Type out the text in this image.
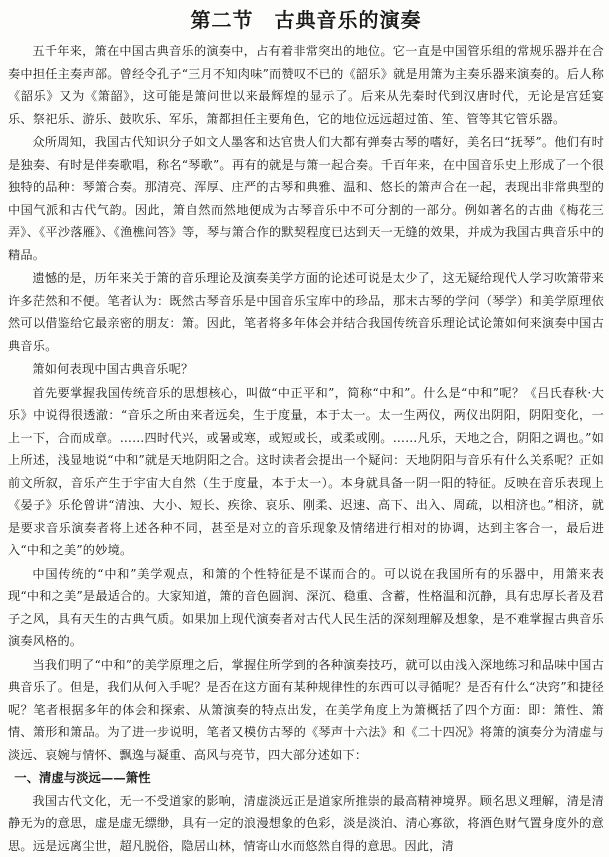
第二节　古典音乐的演奏

五千年来，箫在中国古典音乐的演奏中，占有着非常突出的地位。它一直是中国管乐组的常规乐器并在合奏中担任主奏声部。曾经令孔子“三月不知肉味”而赞叹不已的《韶乐》就是用箫为主奏乐器来演奏的。后人称《韶乐》又为《箫韶》，这可能是箫问世以来最辉煌的显示了。后来从先秦时代到汉唐时代，无论是宫廷宴乐、祭祀乐、游乐、鼓吹乐、军乐，箫都担任主要角色，它的地位远远超过笛、笙、管等其它管乐器。

众所周知，我国古代知识分子如文人墨客和达官贵人们大都有弹奏古琴的嗜好，美名曰“抚琴”。他们有时是独奏、有时是伴奏歌唱，称名“琴歌”。再有的就是与箫一起合奏。千百年来，在中国音乐史上形成了一个很独特的品种：琴箫合奏。那清亮、浑厚、庄严的古琴和典雅、温和、悠长的箫声合在一起，表现出非常典型的中国气派和古代气韵。因此，箫自然而然地便成为古琴音乐中不可分割的一部分。例如著名的古曲《梅花三弄》、《平沙落雁》、《渔樵问答》等，琴与箫合作的默契程度已达到天一无缝的效果，并成为我国古典音乐中的精品。

遗憾的是，历年来关于箫的音乐理论及演奏美学方面的论述可说是太少了，这无疑给现代人学习吹箫带来许多茫然和不便。笔者认为：既然古琴音乐是中国音乐宝库中的珍品，那末古琴的学问（琴学）和美学原理依然可以借鉴给它最亲密的朋友：箫。因此，笔者将多年体会并结合我国传统音乐理论试论箫如何来演奏中国古典音乐。

箫如何表现中国古典音乐呢？

首先要掌握我国传统音乐的思想核心，叫做“中正平和”，简称“中和”。什么是“中和”呢？《吕氏春秋·大乐》中说得很透澈：“音乐之所由来者远矣，生于度量，本于太一。太一生两仪，两仪出阴阳，阴阳变化，一上一下，合而成章。……四时代兴，或暑或寒，或短或长，或柔或刚。……凡乐，天地之合，阴阳之调也。”如上所述，浅显地说“中和”就是天地阴阳之合。这时读者会提出一个疑问：天地阴阳与音乐有什么关系呢？正如前文所叙，音乐产生于宇宙大自然（生于度量，本于太一）。本身就具备一阴一阳的特征。反映在音乐表现上《晏子》乐伦曾讲“清浊、大小、短长、疾徐、哀乐、刚柔、迟速、高下、出入、周疏，以相济也。”相济，就是要求音乐演奏者将上述各种不同，甚至是对立的音乐现象及情绪进行相对的协调，达到主客合一，最后进入“中和之美”的妙境。

中国传统的“中和”美学观点，和箫的个性特征是不谋而合的。可以说在我国所有的乐器中，用箫来表现“中和之美”是最适合的。大家知道，箫的音色圆润、深沉、稳重、含蓄，性格温和沉静，具有忠厚长者及君子之风，具有天生的古典气质。如果加上现代演奏者对古代人民生活的深刻理解及想象，是不难掌握古典音乐演奏风格的。

当我们明了“中和”的美学原理之后，掌握住所学到的各种演奏技巧，就可以由浅入深地练习和品味中国古典音乐了。但是，我们从何入手呢？是否在这方面有某种规律性的东西可以寻循呢？是否有什么“决窍”和捷径呢？笔者根据多年的体会和探索、从箫演奏的特点出发，在美学角度上为箫概括了四个方面：即：箫性、箫情、箫形和箫品。为了进一步说明，笔者又模仿古琴的《琴声十六法》和《二十四况》将箫的演奏分为清虚与淡远、哀婉与情怀、飘逸与凝重、高风与亮节，四大部分述如下：

一、清虚与淡远——箫性

我国古代文化，无一不受道家的影响，清虚淡远正是道家所推崇的最高精神境界。顾名思义理解，清是清静无为的意思，虚是虚无缥缈，具有一定的浪漫想象的色彩，淡是淡泊、清心寡欲，将酒色财气置身度外的意思。远是远离尘世，超凡脱俗，隐居山林，情寄山水而悠然自得的意思。因此，清
